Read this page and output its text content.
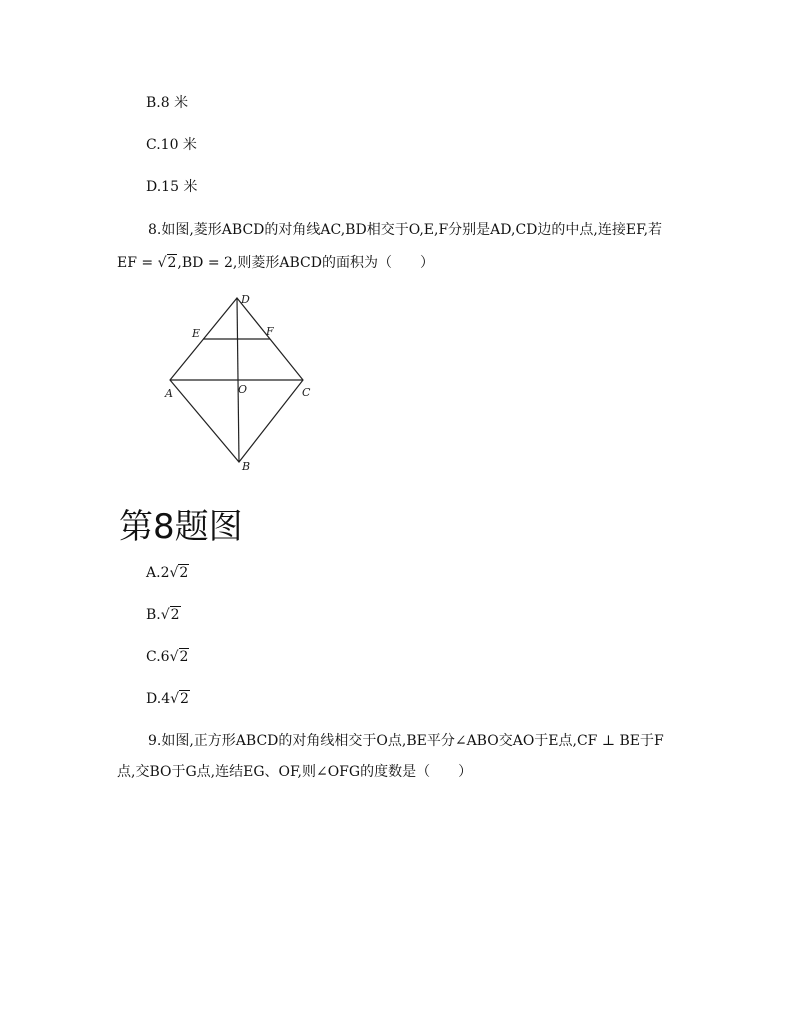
B.8 米
C.10 米
D.15 米
8.如图,菱形ABCD的对角线AC,BD相交于O,E,F分别是AD,CD边的中点,连接EF,若
EF = √2,BD = 2,则菱形ABCD的面积为（　　）
D
E	F
A	O	C
B
第8题图
A.2√2
B.√2
C.6√2
D.4√2
9.如图,正方形ABCD的对角线相交于O点,BE平分∠ABO交AO于E点,CF ⊥ BE于F
点,交BO于G点,连结EG、OF,则∠OFG的度数是（　　）
